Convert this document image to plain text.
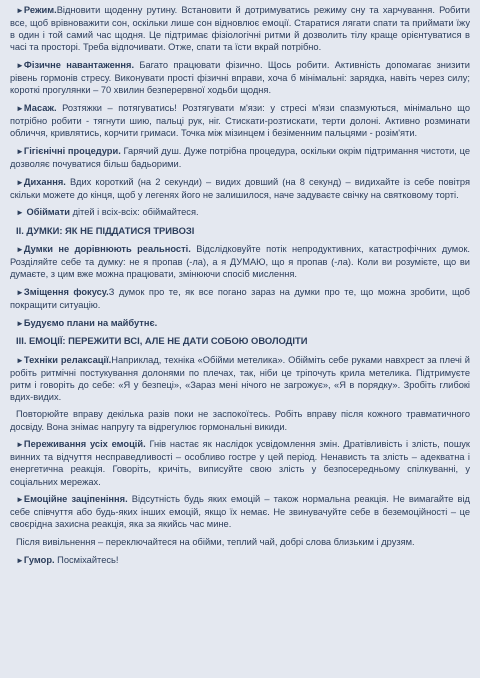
►Режим.Відновити щоденну рутину. Встановити й дотримуватись режиму сну та харчування. Робити все, щоб врівноважити сон, оскільки лише сон відновлює емоції. Старатися лягати спати та приймати їжу в один і той самий час щодня. Це підтримає фізіологічні ритми й дозволить тілу краще орієнтуватися в часі та просторі. Треба відпочивати. Отже, спати та їсти вкрай потрібно.

►Фізичне навантаження. Багато працювати фізично. Щось робити. Активність допомагає знизити рівень гормонів стресу. Виконувати прості фізичні вправи, хоча б мінімальні: зарядка, навіть через силу; короткі прогулянки – 70 хвилин безперервної ходьби щодня.

►Масаж. Розтяжки – потягуватись! Розтягувати м'язи: у стресі м'язи спазмуються, мінімально що потрібно робити - тягнути шию, пальці рук, ніг. Стискати-розтискати, терти долоні. Активно розминати обличчя, кривлятись, корчити гримаси. Точка між мізинцем і безіменним пальцями - розім'яти.

►Гігієнічні процедури. Гарячий душ. Дуже потрібна процедура, оскільки окрім підтримання чистоти, це дозволяє почуватися більш бадьорими.

►Дихання. Вдих короткий (на 2 секунди) – видих довший (на 8 секунд) – видихайте із себе повітря скільки можете до кінця, щоб у легенях його не залишилося, наче задуваєте свічку на святковому торті.

► Обіймати дітей і всіх-всіх: обіймайтеся.

II. ДУМКИ: ЯК НЕ ПІДДАТИСЯ ТРИВОЗІ

►Думки не дорівнюють реальності. Відслідковуйте потік непродуктивних, катастрофічних думок. Розділяйте себе та думку: не я пропав (-ла), а я ДУМАЮ, що я пропав (-ла). Коли ви розумієте, що ви думаєте, з цим вже можна працювати, змінюючи спосіб мислення.

►Зміщення фокусу.З думок про те, як все погано зараз на думки про те, що можна зробити, щоб покращити ситуацію.

►Будуємо плани на майбутнє.

III. ЕМОЦІЇ: ПЕРЕЖИТИ ВСІ, АЛЕ НЕ ДАТИ СОБОЮ ОВОЛОДІТИ

►Техніки релаксації.Наприклад, техніка «Обійми метелика». Обійміть себе руками навхрест за плечі й робіть ритмічні постукування долонями по плечах, так, ніби це тріпочуть крила метелика. Підтримуєте ритм і говоріть до себе: «Я у безпеці», «Зараз мені нічого не загрожує», «Я в порядку». Зробіть глибокі вдих-видих.

Повторюйте вправу декілька разів поки не заспокоїтесь. Робіть вправу після кожного травматичного досвіду. Вона знімає напругу та відрегулює гормональні викиди.

►Переживання усіх емоцій. Гнів настає як наслідок усвідомлення змін. Дратівливість і злість, пошук винних та відчуття несправедливості – особливо гостре у цей період. Ненависть та злість – адекватна і енергетична реакція. Говоріть, кричіть, виписуйте свою злість у безпосередньому спілкуванні, у соціальних мережах.

►Емоційне заціпеніння. Відсутність будь яких емоцій – також нормальна реакція. Не вимагайте від себе співчуття або будь-яких інших емоцій, якщо їх немає. Не звинувачуйте себе в беземоційності – це своєрідна захисна реакція, яка за якийсь час мине.

Після вивільнення – переключайтеся на обійми, теплий чай, добрі слова близьким і друзям.

►Гумор. Посміхайтесь!
